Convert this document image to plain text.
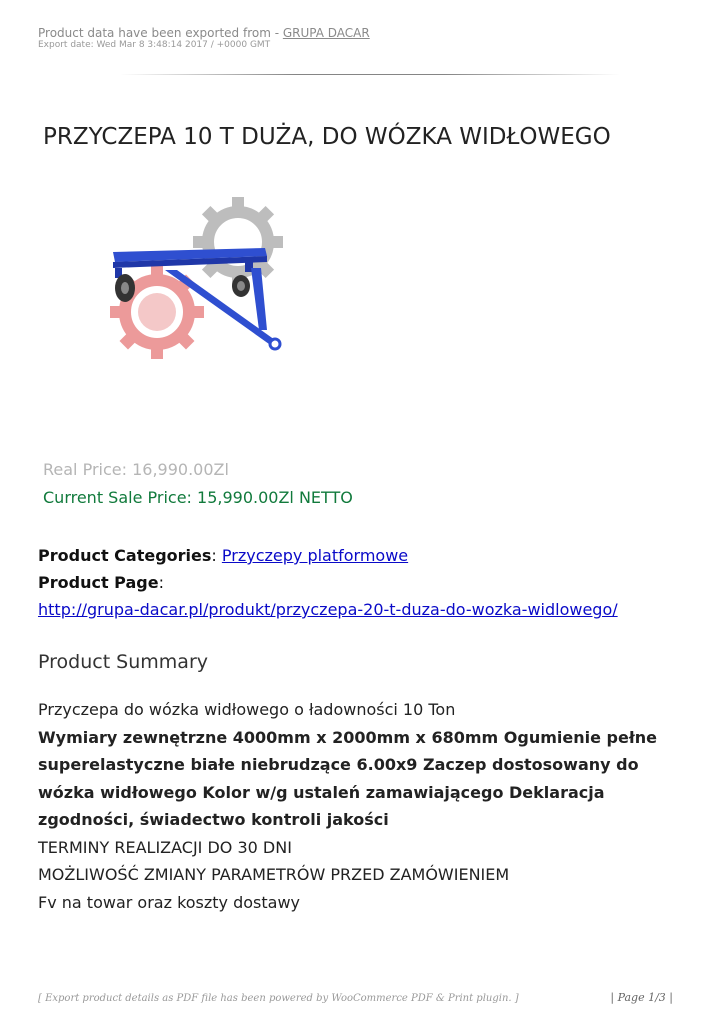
Product data have been exported from - GRUPA DACAR
Export date: Wed Mar 8 3:48:14 2017 / +0000 GMT
PRZYCZEPA 10 T DUŻA, DO WÓZKA WIDŁOWEGO
Real Price: 16,990.00Zl
Current Sale Price: 15,990.00Zl NETTO
Product Categories: Przyczepy platformowe
Product Page:
http://grupa-dacar.pl/produkt/przyczepa-20-t-duza-do-wozka-widlowego/
Product Summary
Przyczepa do wózka widłowego o ładowności 10 Ton
Wymiary zewnętrzne 4000mm x 2000mm x 680mm Ogumienie pełne superelastyczne białe niebrudzące 6.00x9 Zaczep dostosowany do wózka widłowego Kolor w/g ustaleń zamawiającego Deklaracja zgodności, świadectwo kontroli jakości
TERMINY REALIZACJI DO 30 DNI
MOŻLIWOŚĆ ZMIANY PARAMETRÓW PRZED ZAMÓWIENIEM
Fv na towar oraz koszty dostawy
[ Export product details as PDF file has been powered by WooCommerce PDF & Print plugin. ]	| Page 1/3 |
